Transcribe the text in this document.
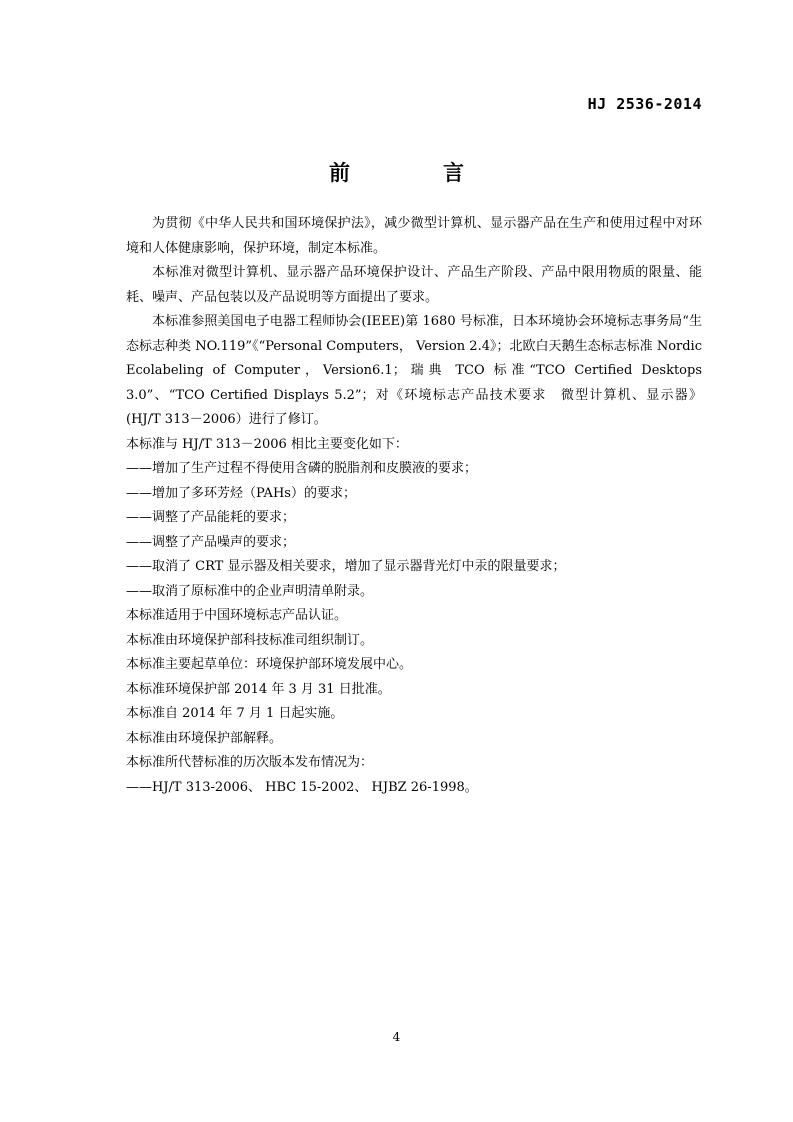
HJ 2536-2014
前　言

为贯彻《中华人民共和国环境保护法》，减少微型计算机、显示器产品在生产和使用过程中对环境和人体健康影响，保护环境，制定本标准。

本标准对微型计算机、显示器产品环境保护设计、产品生产阶段、产品中限用物质的限量、能耗、噪声、产品包装以及产品说明等方面提出了要求。

本标准参照美国电子电器工程师协会(IEEE)第 1680 号标准，日本环境协会环境标志事务局“生态标志种类 NO.119”《“Personal Computers， Version 2.4》；北欧白天鹅生态标志标准 Nordic Ecolabeling of Computer，Version6.1；瑞典 TCO 标准“TCO Certified Desktops 3.0”、“TCO Certified Displays 5.2”；对《环境标志产品技术要求　微型计算机、显示器》(HJ/T 313－2006）进行了修订。

本标准与 HJ/T 313－2006 相比主要变化如下：

——增加了生产过程不得使用含磷的脱脂剂和皮膜液的要求；

——增加了多环芳烃（PAHs）的要求；

——调整了产品能耗的要求；

——调整了产品噪声的要求；

——取消了 CRT 显示器及相关要求，增加了显示器背光灯中汞的限量要求；

——取消了原标准中的企业声明清单附录。

本标准适用于中国环境标志产品认证。

本标准由环境保护部科技标准司组织制订。

本标准主要起草单位：环境保护部环境发展中心。

本标准环境保护部 2014 年 3 月 31 日批准。

本标准自 2014 年 7 月 1 日起实施。

本标准由环境保护部解释。

本标准所代替标准的历次版本发布情况为：

——HJ/T 313-2006、 HBC 15-2002、 HJBZ 26-1998。

4
